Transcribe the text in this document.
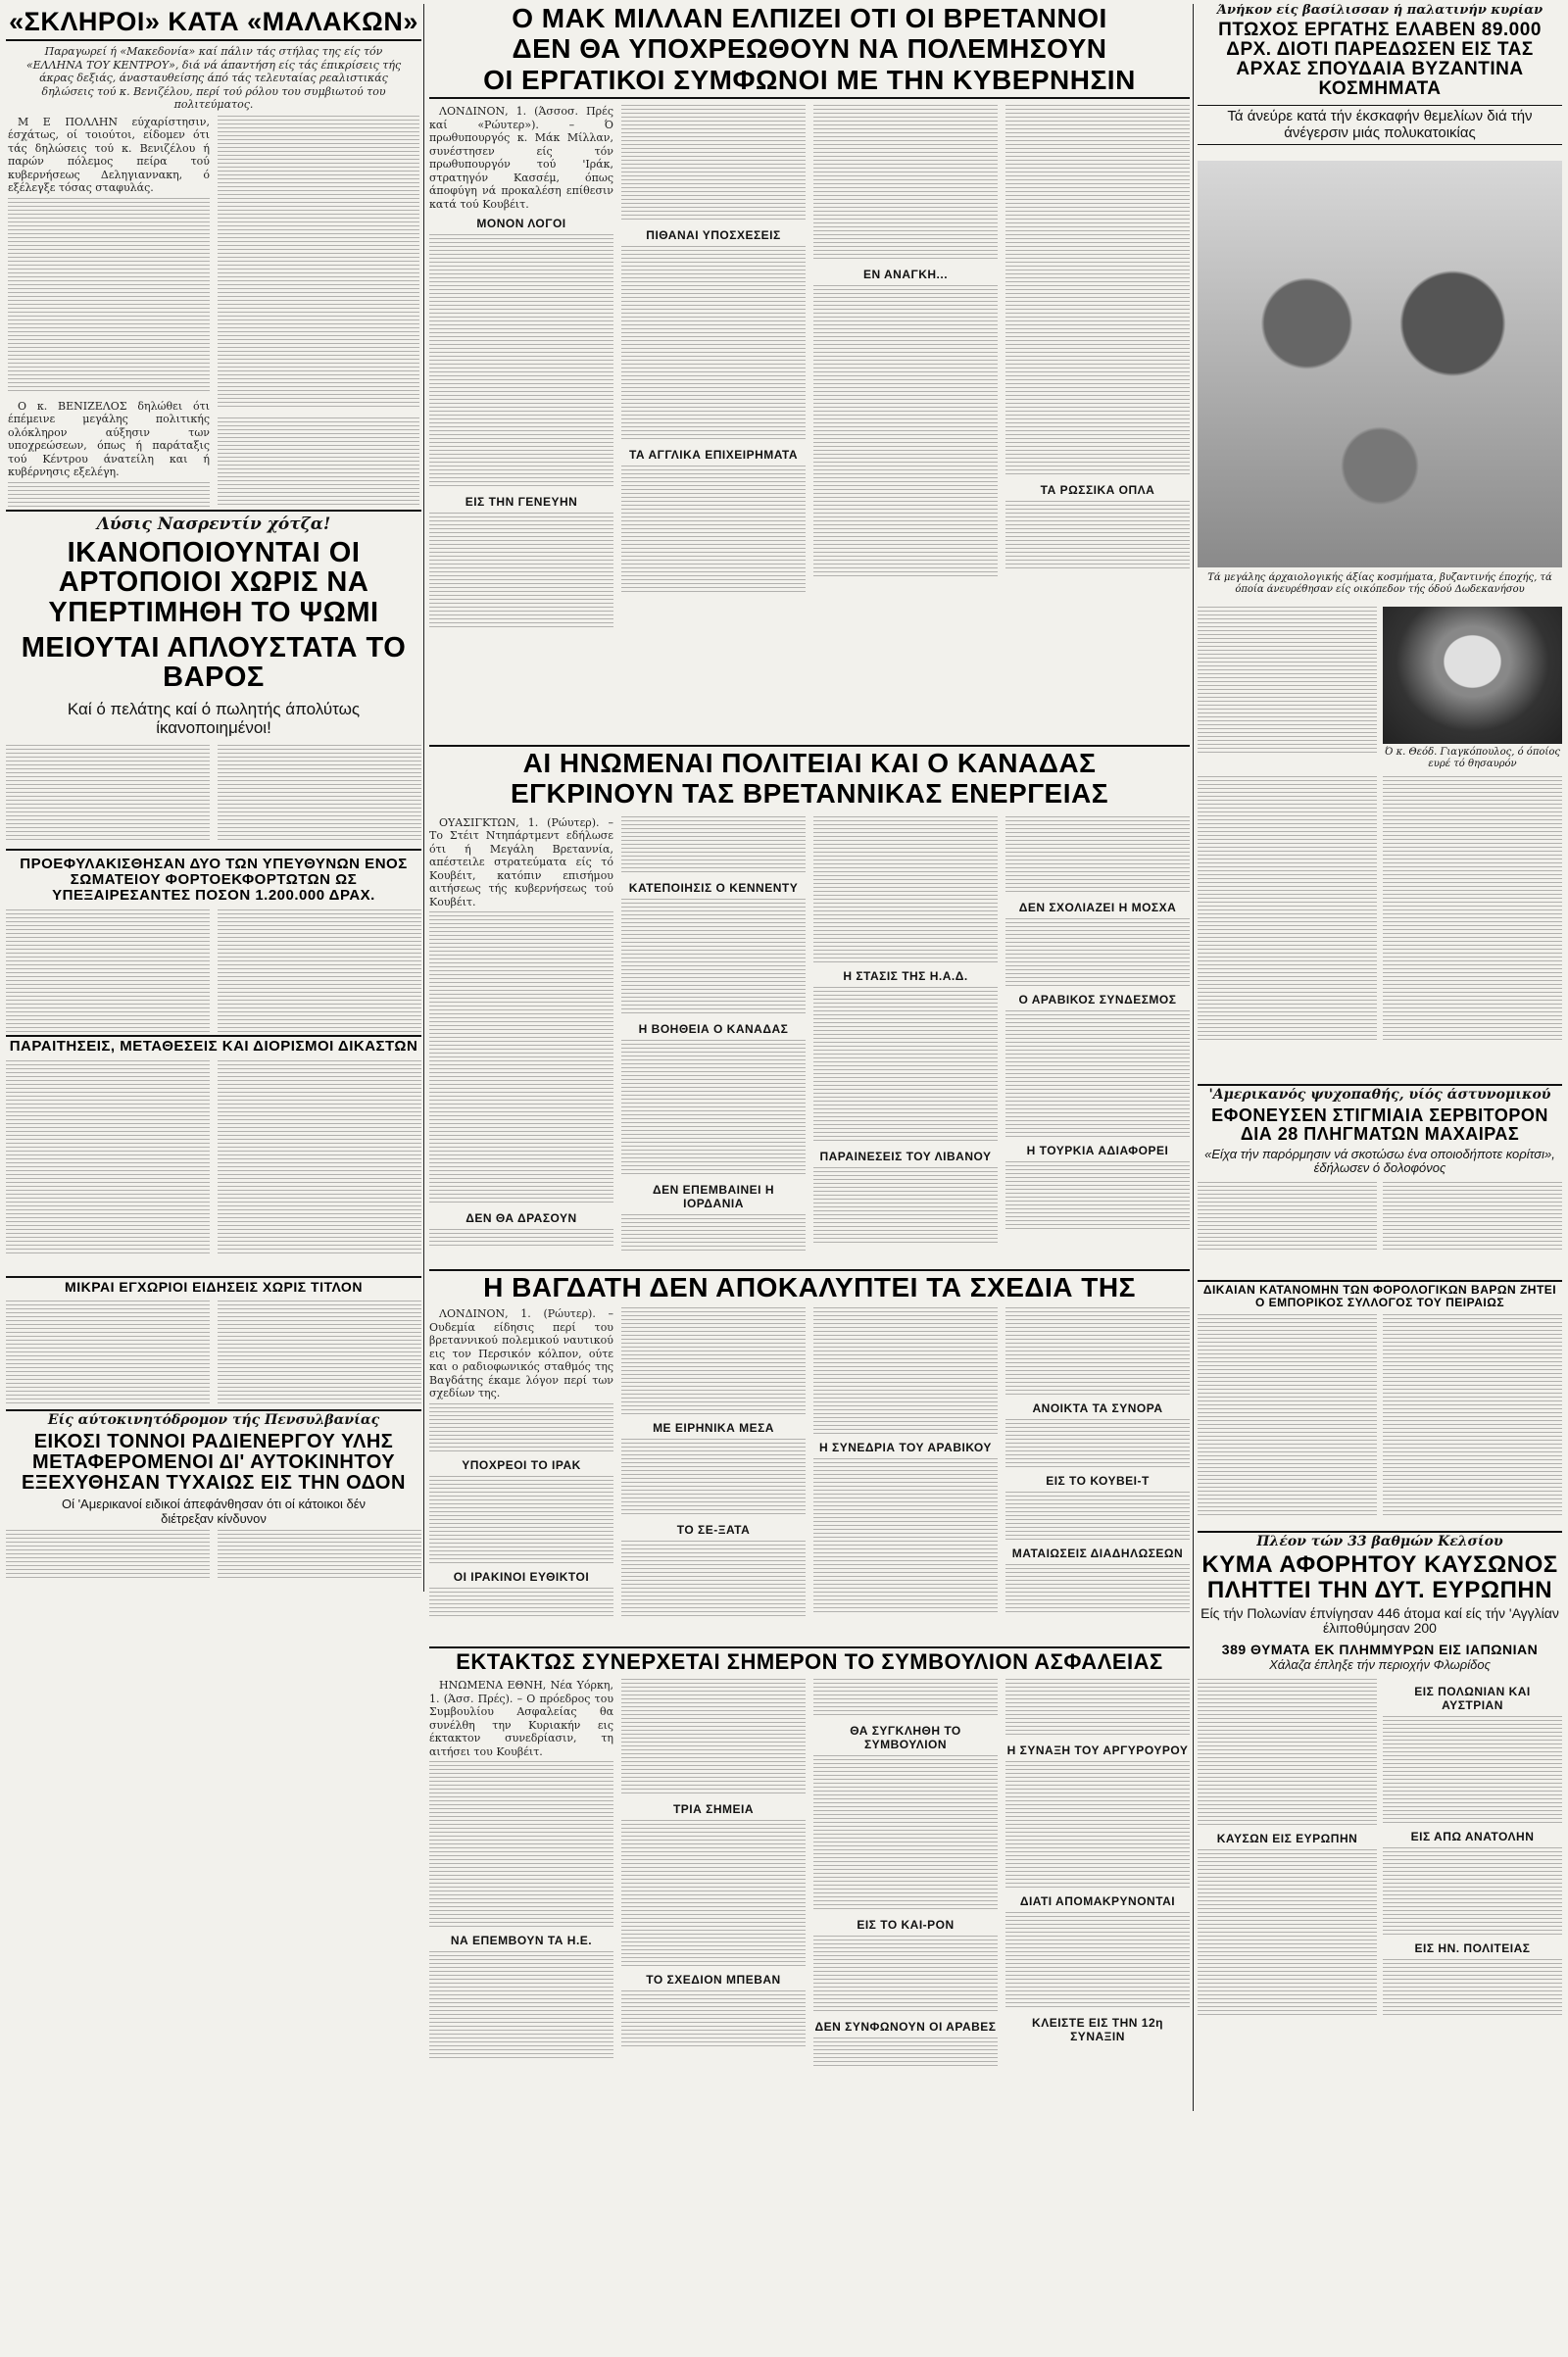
«ΣΚΛΗΡΟΙ» ΚΑΤΑ «ΜΑΛΑΚΩΝ»
Παραγωρεί ή «Μακεδονία» καί πάλιν τάς στήλας της είς τόν «ΕΛΛΗΝΑ ΤΟΥ ΚΕΝΤΡΟΥ», διά νά άπαντήση είς τάς έπικρίσεις τής άκρας δεξιάς, άνασταυθείσης άπό τάς τελευταίας ρεαλιστικάς δηλώσεις τού κ. Βενιζέλου, περί τού ρόλου του συμβιωτού του πολιτεύματος.

Μ Ε ΠΟΛΛΗΝ εύχαρίστησιν, έσχάτως, οί τοιούτοι, είδομεν ότι τάς δηλώσεις τού κ. Βενιζέλου ή παρών πόλεμος πείρα τού κυβερνήσεως Δεληγιαννακη, ό εξέλεγξε τόσας σταφυλάς.

Ο κ. ΒΕΝΙΖΕΛΟΣ δηλώθει ότι έπέμεινε μεγάλης πολιτικής ολόκληρον αύξησιν των υποχρεώσεων, όπως ή παράταξις τού Κέντρου άνατείλη και ή κυβέρνησις εξελέγη.

Λύσις Νασρεντίν χότζα!
ΙΚΑΝΟΠΟΙΟΥΝΤΑΙ ΟΙ ΑΡΤΟΠΟΙΟΙ ΧΩΡΙΣ ΝΑ ΥΠΕΡΤΙΜΗΘΗ ΤΟ ΨΩΜΙ
ΜΕΙΟΥΤΑΙ ΑΠΛΟΥΣΤΑΤΑ ΤΟ ΒΑΡΟΣ
Καί ό πελάτης καί ό πωλητής άπολύτως ίκανοποιημένοι!
ΠΡΟΕΦΥΛΑΚΙΣΘΗΣΑΝ ΔΥΟ ΤΩΝ ΥΠΕΥΘΥΝΩΝ ΕΝΟΣ ΣΩΜΑΤΕΙΟΥ ΦΟΡΤΟΕΚΦΟΡΤΩΤΩΝ ΩΣ ΥΠΕΞΑΙΡΕΣΑΝΤΕΣ ΠΟΣΟΝ 1.200.000 ΔΡΑΧ.
ΠΑΡΑΙΤΗΣΕΙΣ, ΜΕΤΑΘΕΣΕΙΣ ΚΑΙ ΔΙΟΡΙΣΜΟΙ ΔΙΚΑΣΤΩΝ
ΜΙΚΡΑΙ ΕΓΧΩΡΙΟΙ ΕΙΔΗΣΕΙΣ ΧΩΡΙΣ ΤΙΤΛΟΝ
Είς αύτοκινητόδρομον τής Πενσυλβανίας
ΕΙΚΟΣΙ ΤΟΝΝΟΙ ΡΑΔΙΕΝΕΡΓΟΥ ΥΛΗΣ ΜΕΤΑΦΕΡΟΜΕΝΟΙ ΔΙ' ΑΥΤΟΚΙΝΗΤΟΥ ΕΞΕΧΥΘΗΣΑΝ ΤΥΧΑΙΩΣ ΕΙΣ ΤΗΝ ΟΔΟΝ
Οί 'Αμερικανοί ειδικοί άπεφάνθησαν ότι οί κάτοικοι δέν διέτρεξαν κίνδυνον
Ο ΜΑΚ ΜΙΛΛΑΝ ΕΛΠΙΖΕΙ ΟΤΙ ΟΙ ΒΡΕΤΑΝΝΟΙ
ΔΕΝ ΘΑ ΥΠΟΧΡΕΩΘΟΥΝ ΝΑ ΠΟΛΕΜΗΣΟΥΝ
ΟΙ ΕΡΓΑΤΙΚΟΙ ΣΥΜΦΩΝΟΙ ΜΕ ΤΗΝ ΚΥΒΕΡΝΗΣΙΝ

ΛΟΝΔΙΝΟΝ, 1. (Άσσοσ. Πρές καί «Ρώυτερ»). – Ό πρωθυπουργός κ. Μάκ Μίλλαν, συνέστησεν είς τόν πρωθυπουργόν τού 'Ιράκ, στρατηγόν Κασσέμ, όπως άποφύγη νά προκαλέση επίθεσιν κατά τού Κουβέιτ.

ΜΟΝΟΝ ΛΟΓΟΙ
ΕΙΣ ΤΗΝ ΓΕΝΕΥΗΝ
ΠΙΘΑΝΑΙ ΥΠΟΣΧΕΣΕΙΣ
ΤΑ ΑΓΓΛΙΚΑ ΕΠΙΧΕΙΡΗΜΑΤΑ
ΕΝ ΑΝΑΓΚΗ...
ΤΑ ΡΩΣΣΙΚΑ ΟΠΛΑ
ΑΙ ΗΝΩΜΕΝΑΙ ΠΟΛΙΤΕΙΑΙ ΚΑΙ Ο ΚΑΝΑΔΑΣ
ΕΓΚΡΙΝΟΥΝ ΤΑΣ ΒΡΕΤΑΝΝΙΚΑΣ ΕΝΕΡΓΕΙΑΣ

ΟΥΑΣΙΓΚΤΩΝ, 1. (Ρώυτερ). – Το Στέιτ Ντηπάρτμεντ εδήλωσε ότι ή Μεγάλη Βρεταννία, απέστειλε στρατεύματα είς τό Κουβέιτ, κατόπιν επισήμου αιτήσεως τής κυβερνήσεως τού Κουβέιτ.

ΔΕΝ ΘΑ ΔΡΑΣΟΥΝ
ΚΑΤΕΠΟΙΗΣΙΣ Ο ΚΕΝΝΕΝΤΥ
Η ΒΟΗΘΕΙΑ Ο ΚΑΝΑΔΑΣ
ΔΕΝ ΕΠΕΜΒΑΙΝΕΙ Η ΙΟΡΔΑΝΙΑ
Η ΣΤΑΣΙΣ ΤΗΣ Η.Α.Δ.
ΠΑΡΑΙΝΕΣΕΙΣ ΤΟΥ ΛΙΒΑΝΟΥ
ΔΕΝ ΣΧΟΛΙΑΖΕΙ Η ΜΟΣΧΑ
Ο ΑΡΑΒΙΚΟΣ ΣΥΝΔΕΣΜΟΣ
Η ΤΟΥΡΚΙΑ ΑΔΙΑΦΟΡΕΙ
Η ΒΑΓΔΑΤΗ ΔΕΝ ΑΠΟΚΑΛΥΠΤΕΙ ΤΑ ΣΧΕΔΙΑ ΤΗΣ

ΛΟΝΔΙΝΟΝ, 1. (Ρώυτερ). – Ουδεμία είδησις περί του βρεταννικού πολεμικού ναυτικού εις τον Περσικόν κόλπον, ούτε και ο ραδιοφωνικός σταθμός της Βαγδάτης έκαμε λόγον περί των σχεδίων της.

ΥΠΟΧΡΕΟΙ ΤΟ ΙΡΑΚ
ΟΙ ΙΡΑΚΙΝΟΙ ΕΥΘΙΚΤΟΙ
ΜΕ ΕΙΡΗΝΙΚΑ ΜΕΣΑ
ΤΟ ΣΕ-ΞΑΤΑ
Η ΣΥΝΕΔΡΙΑ ΤΟΥ ΑΡΑΒΙΚΟΥ
ΑΝΟΙΚΤΑ ΤΑ ΣΥΝΟΡΑ
ΕΙΣ ΤΟ ΚΟΥΒΕΙ-Τ
ΜΑΤΑΙΩΣΕΙΣ ΔΙΑΔΗΛΩΣΕΩΝ
ΕΚΤΑΚΤΩΣ ΣΥΝΕΡΧΕΤΑΙ ΣΗΜΕΡΟΝ ΤΟ ΣΥΜΒΟΥΛΙΟΝ ΑΣΦΑΛΕΙΑΣ

ΗΝΩΜΕΝΑ ΕΘΝΗ, Νέα Υόρκη, 1. (Άσσ. Πρές). – Ο πρόεδρος του Συμβουλίου Ασφαλείας θα συνέλθη την Κυριακήν εις έκτακτον συνεδρίασιν, τη αιτήσει του Κουβέιτ.

ΝΑ ΕΠΕΜΒΟΥΝ ΤΑ Η.Ε.
ΤΡΙΑ ΣΗΜΕΙΑ
ΤΟ ΣΧΕΔΙΟΝ ΜΠΕΒΑΝ
ΘΑ ΣΥΓΚΛΗΘΗ ΤΟ ΣΥΜΒΟΥΛΙΟΝ
ΕΙΣ ΤΟ ΚΑΙ-ΡΟΝ
ΔΕΝ ΣΥΝΦΩΝΟΥΝ ΟΙ ΑΡΑΒΕΣ
Η ΣΥΝΑΞΗ ΤΟΥ ΑΡΓΥΡΟΥΡΟΥ
ΔΙΑΤΙ ΑΠΟΜΑΚΡΥΝΟΝΤΑΙ
ΚΛΕΙΣΤΕ ΕΙΣ ΤΗΝ 12η ΣΥΝΑΞΙΝ
Άνήκον είς βασίλισσαν ή παλατινήν κυρίαν
ΠΤΩΧΟΣ ΕΡΓΑΤΗΣ ΕΛΑΒΕΝ 89.000 ΔΡΧ. ΔΙΟΤΙ ΠΑΡΕΔΩΣΕΝ ΕΙΣ ΤΑΣ ΑΡΧΑΣ ΣΠΟΥΔΑΙΑ ΒΥΖΑΝΤΙΝΑ ΚΟΣΜΗΜΑΤΑ
Τά άνεύρε κατά τήν έκσκαφήν θεμελίων διά τήν άνέγερσιν μιάς πολυκατοικίας
Τά μεγάλης άρχαιολογικής άξίας κοσμήματα, βυζαντινής έποχής, τά όποία άνευρέθησαν είς οικόπεδον τής όδού Δωδεκανήσου
Ό κ. Θεόδ. Γιαγκόπουλος, ό όποίος ευρέ τό θησαυρόν
'Αμερικανός ψυχοπαθής, υίός άστυνομικού
ΕΦΟΝΕΥΣΕΝ ΣΤΙΓΜΙΑΙΑ ΣΕΡΒΙΤΟΡΟΝ ΔΙΑ 28 ΠΛΗΓΜΑΤΩΝ ΜΑΧΑΙΡΑΣ
«Είχα τήν παρόρμησιν νά σκοτώσω ένα οποιοδήποτε κορίτσι», έδήλωσεν ό δολοφόνος
ΔΙΚΑΙΑΝ ΚΑΤΑΝΟΜΗΝ ΤΩΝ ΦΟΡΟΛΟΓΙΚΩΝ ΒΑΡΩΝ ΖΗΤΕΙ Ο ΕΜΠΟΡΙΚΟΣ ΣΥΛΛΟΓΟΣ ΤΟΥ ΠΕΙΡΑΙΩΣ
Πλέον τών 33 βαθμών Κελσίου
ΚΥΜΑ ΑΦΟΡΗΤΟΥ ΚΑΥΣΩΝΟΣ ΠΛΗΤΤΕΙ ΤΗΝ ΔΥΤ. ΕΥΡΩΠΗΝ
Είς τήν Πολωνίαν έπνίγησαν 446 άτομα καί είς τήν 'Αγγλίαν έλιποθύμησαν 200
389 ΘΥΜΑΤΑ ΕΚ ΠΛΗΜΜΥΡΩΝ ΕΙΣ ΙΑΠΩΝΙΑΝ
Χάλαζα έπληξε τήν περιοχήν Φλωρίδος
ΚΑΥΣΩΝ ΕΙΣ ΕΥΡΩΠΗΝ
ΕΙΣ ΠΟΛΩΝΙΑΝ ΚΑΙ ΑΥΣΤΡΙΑΝ
ΕΙΣ ΑΠΩ ΑΝΑΤΟΛΗΝ
ΕΙΣ ΗΝ. ΠΟΛΙΤΕΙΑΣ
